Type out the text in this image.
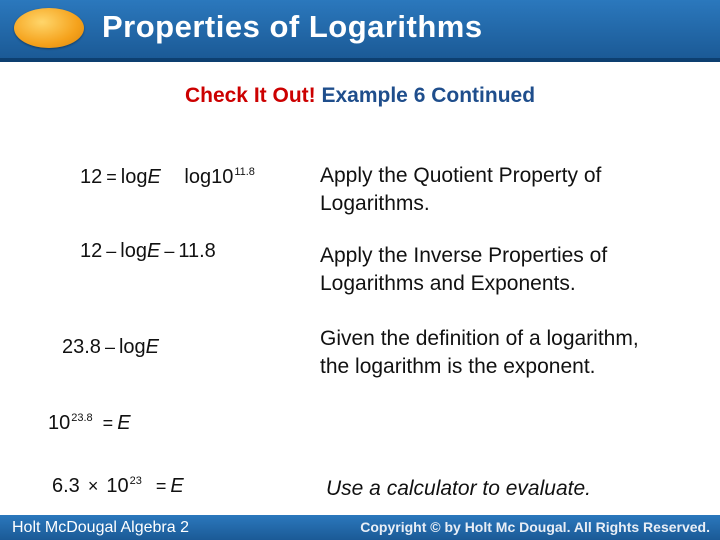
Properties of Logarithms
Check It Out! Example 6 Continued
12 = logE $\log 10^{11.8}$	Apply the Quotient Property of Logarithms.
12 – logE – 11.8	Apply the Inverse Properties of Logarithms and Exponents.
23.8 – logE	Given the definition of a logarithm, the logarithm is the exponent.
$10^{23.8} = E$
$6.3 \times 10^{23} = E$	Use a calculator to evaluate.
Holt McDougal Algebra 2	Copyright © by Holt Mc Dougal. All Rights Reserved.
